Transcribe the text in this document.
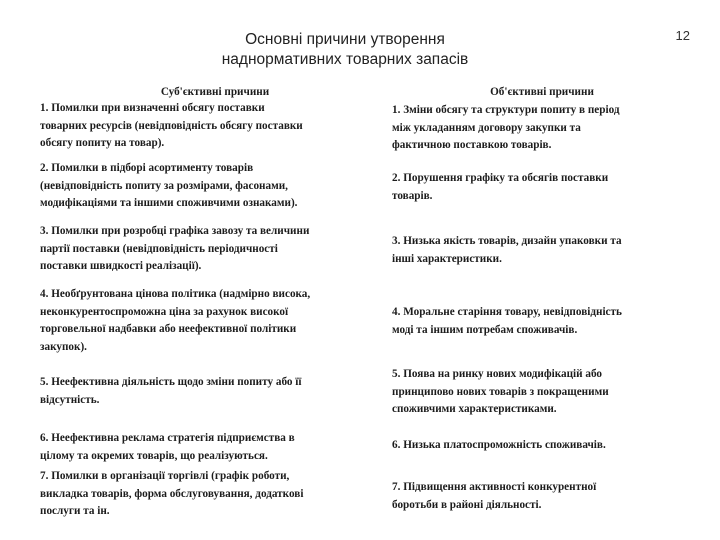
12
Основні причини утворення
наднормативних товарних запасів
Суб'єктивні причини
1. Помилки при визначенні обсягу поставки
товарних ресурсів (невідповідність обсягу поставки
обсягу попиту на товар).
2. Помилки в підборі асортименту товарів
(невідповідність попиту за розмірами, фасонами,
модифікаціями та іншими споживчими ознаками).
3. Помилки при розробці графіка завозу та величини
партії поставки (невідповідність періодичності
поставки швидкості реалізації).
4. Необґрунтована цінова політика (надмірно висока,
неконкурентоспроможна ціна за рахунок високої
торговельної надбавки або неефективної політики
закупок).
5. Неефективна діяльність щодо зміни попиту або її
відсутність.
6. Неефективна реклама стратегія підприємства в
цілому та окремих товарів, що реалізуються.
7. Помилки в організації торгівлі (графік роботи,
викладка товарів, форма обслуговування, додаткові
послуги та ін.
Об'єктивні причини
1. Зміни обсягу та структури попиту в період
між укладанням договору закупки та
фактичною поставкою товарів.
2. Порушення графіку та обсягів поставки
товарів.
3. Низька якість товарів, дизайн упаковки та
інші характеристики.
4. Моральне старіння товару, невідповідність
моді та іншим потребам споживачів.
5. Поява на ринку нових модифікацій або
принципово нових товарів з покращеними
споживчими характеристиками.
6. Низька платоспроможність споживачів.
7. Підвищення активності конкурентної
боротьби в районі діяльності.
